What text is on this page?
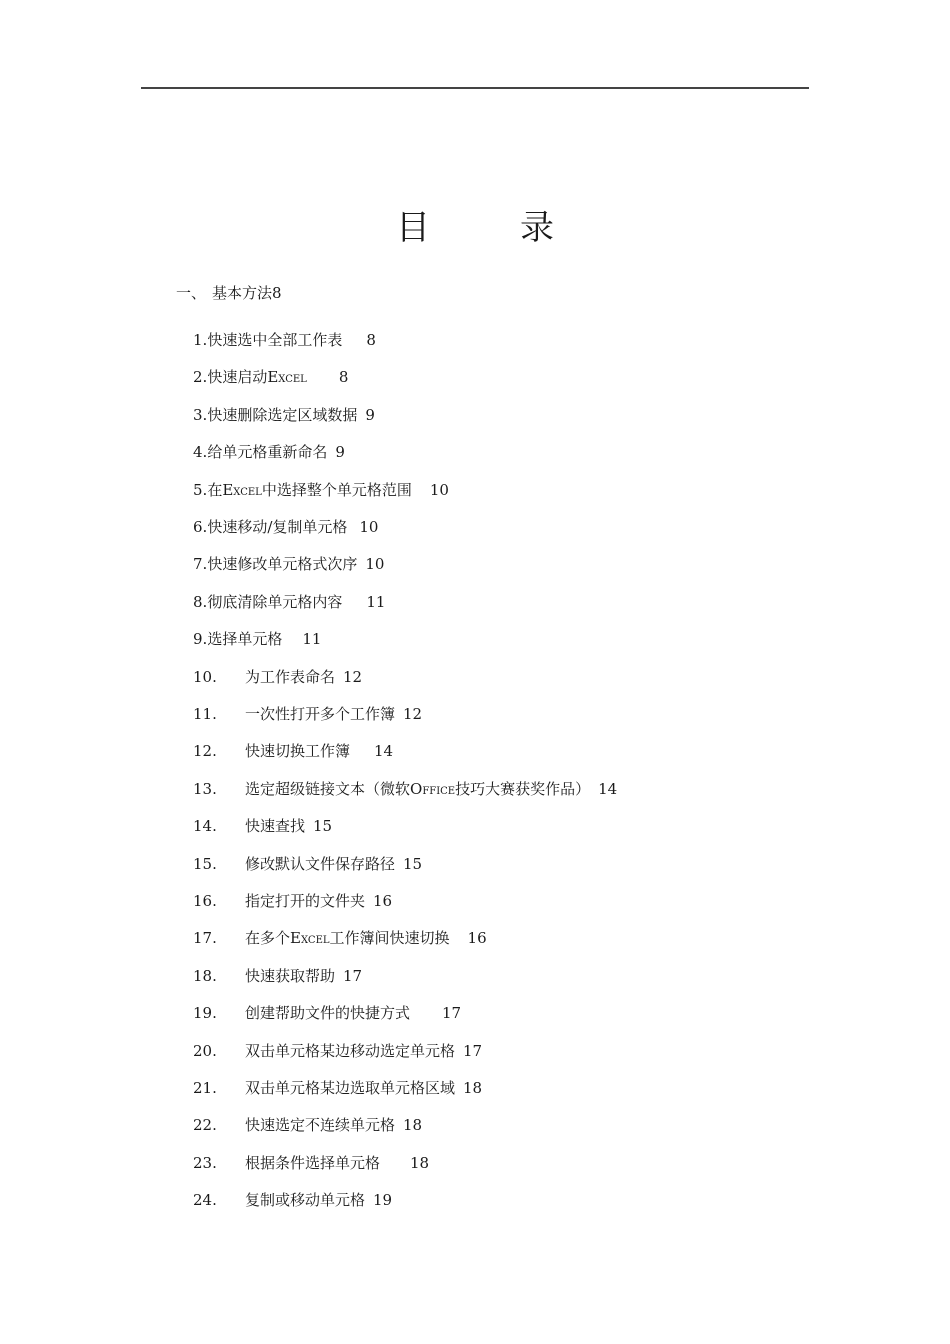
目	录
一、 基本方法8
1.快速选中全部工作表 8
2.快速启动EXCEL 8
3.快速删除选定区域数据 9
4.给单元格重新命名 9
5.在EXCEL中选择整个单元格范围 10
6.快速移动/复制单元格 10
7.快速修改单元格式次序 10
8.彻底清除单元格内容 11
9.选择单元格 11
10. 为工作表命名 12
11. 一次性打开多个工作簿 12
12. 快速切换工作簿 14
13. 选定超级链接文本（微软OFFICE技巧大赛获奖作品） 14
14. 快速查找 15
15. 修改默认文件保存路径 15
16. 指定打开的文件夹 16
17. 在多个EXCEL工作簿间快速切换 16
18. 快速获取帮助 17
19. 创建帮助文件的快捷方式 17
20. 双击单元格某边移动选定单元格 17
21. 双击单元格某边选取单元格区域 18
22. 快速选定不连续单元格 18
23. 根据条件选择单元格 18
24. 复制或移动单元格 19
